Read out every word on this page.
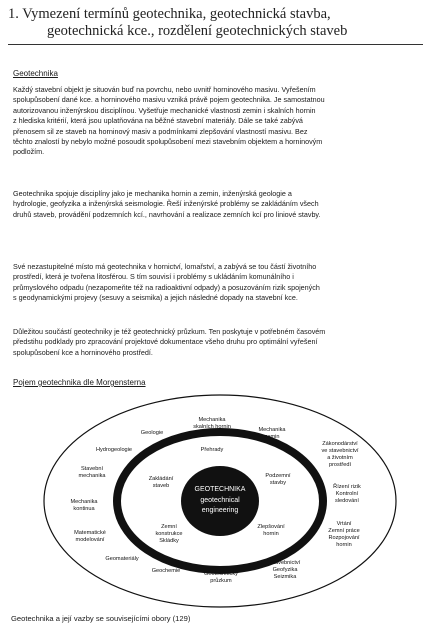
1. Vymezení termínů geotechnika, geotechnická stavba,
geotechnická kce., rozdělení geotechnických staveb
Geotechnika
Každý stavební objekt je situován buď na povrchu, nebo uvnitř horninového masivu. Vyřešením
spolupůsobení dané kce. a horninového masivu vzniká právě pojem geotechnika. Je samostatnou
autorizovanou inženýrskou disciplínou. Vyšetřuje mechanické vlastnosti zemin i skalních hornin
z hlediska kritérií, která jsou uplatňována na běžné stavební materiály. Dále se také zabývá
přenosem sil ze staveb na horninový masiv a podmínkami zlepšování vlastností masivu. Bez
těchto znalostí by nebylo možné posoudit spolupůsobení mezi stavebním objektem a horninovým
podložím.
Geotechnika spojuje disciplíny jako je mechanika hornin a zemin, inženýrská geologie a
hydrologie, geofyzika a inženýrská seismologie. Řeší inženýrské problémy se zakládáním všech
druhů staveb, provádění podzemních kcí., navrhování a realizace zemních kcí pro liniové stavby.
Své nezastupitelné místo má geotechnika v hornictví, lomařství, a zabývá se tou částí životního
prostředí, která je tvořena litosférou. S tím souvisí i problémy s ukládáním komunálního i
průmyslového odpadu (nezapomeňte též na radioaktivní odpady) a posuzováním rizik spojených
s geodynamickými projevy (sesuvy a seismika) a jejich následné dopady na stavební kce.
Důležitou součástí geotechniky je též geotechnický průzkum. Ten poskytuje v potřebném časovém
předstihu podklady pro zpracování projektové dokumentace všeho druhu pro optimální vyřešení
spolupůsobení kce a horninového prostředí.
Pojem geotechnika dle Morgensterna
GEOTECHNIKA
geotechnical
engineering
Geologie
Mechanika
skalních hornin	Mechanika
zemin
Hydrogeologie
Stavební
mechanika
Mechanika
kontinua
Matematické
modelování
Geomateriály
Geochemie	Geotechnický
průzkum
Stavebnictví
Geofyzika
Seizmika
Vrtání
Zemní práce
Rozpojování
hornin
Řízení rizik
Kontrolní
sledování
Zákonodárství
ve stavebnictví
a životním
prostředí
Přehrady
Zakládání
staveb
Podzemní
stavby
Zemní
konstrukce
Skládky
Zlepšování
hornin
Geotechnika a její vazby se souvisejícími obory (129)
